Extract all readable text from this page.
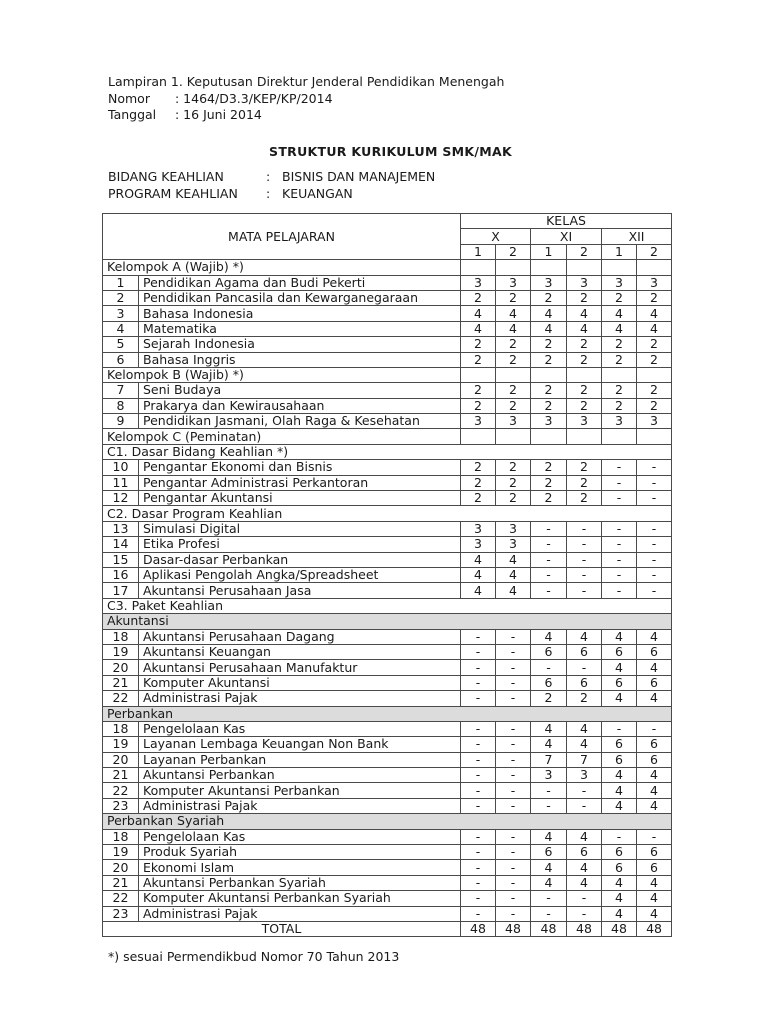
Lampiran 1. Keputusan Direktur Jenderal Pendidikan Menengah
Nomor	: 1464/D3.3/KEP/KP/2014
Tanggal	: 16 Juni 2014
STRUKTUR KURIKULUM SMK/MAK
BIDANG KEAHLIAN	: BISNIS DAN MANAJEMEN
PROGRAM KEAHLIAN	: KEUANGAN
MATA PELAJARAN		KELAS					
		X		XI		XII	
		1	2	1	2	1	2
Kelompok A (Wajib) *)							
1	Pendidikan Agama dan Budi Pekerti	3	3	3	3	3	3
2	Pendidikan Pancasila dan Kewarganegaraan	2	2	2	2	2	2
3	Bahasa Indonesia	4	4	4	4	4	4
4	Matematika	4	4	4	4	4	4
5	Sejarah Indonesia	2	2	2	2	2	2
6	Bahasa Inggris	2	2	2	2	2	2
Kelompok B (Wajib) *)							
7	Seni Budaya	2	2	2	2	2	2
8	Prakarya dan Kewirausahaan	2	2	2	2	2	2
9	Pendidikan Jasmani, Olah Raga & Kesehatan	3	3	3	3	3	3
Kelompok C (Peminatan)							
C1. Dasar Bidang Keahlian *)							
10	Pengantar Ekonomi dan Bisnis	2	2	2	2	-	-
11	Pengantar Administrasi Perkantoran	2	2	2	2	-	-
12	Pengantar Akuntansi	2	2	2	2	-	-
C2. Dasar Program Keahlian							
13	Simulasi Digital	3	3	-	-	-	-
14	Etika Profesi	3	3	-	-	-	-
15	Dasar-dasar Perbankan	4	4	-	-	-	-
16	Aplikasi Pengolah Angka/Spreadsheet	4	4	-	-	-	-
17	Akuntansi Perusahaan Jasa	4	4	-	-	-	-
C3. Paket Keahlian							
Akuntansi							
18	Akuntansi Perusahaan Dagang	-	-	4	4	4	4
19	Akuntansi Keuangan	-	-	6	6	6	6
20	Akuntansi Perusahaan Manufaktur	-	-	-	-	4	4
21	Komputer Akuntansi	-	-	6	6	6	6
22	Administrasi Pajak	-	-	2	2	4	4
Perbankan							
18	Pengelolaan Kas	-	-	4	4	-	-
19	Layanan Lembaga Keuangan Non Bank	-	-	4	4	6	6
20	Layanan Perbankan	-	-	7	7	6	6
21	Akuntansi Perbankan	-	-	3	3	4	4
22	Komputer Akuntansi Perbankan	-	-	-	-	4	4
23	Administrasi Pajak	-	-	-	-	4	4
Perbankan Syariah							
18	Pengelolaan Kas	-	-	4	4	-	-
19	Produk Syariah	-	-	6	6	6	6
20	Ekonomi Islam	-	-	4	4	6	6
21	Akuntansi Perbankan Syariah	-	-	4	4	4	4
22	Komputer Akuntansi Perbankan Syariah	-	-	-	-	4	4
23	Administrasi Pajak	-	-	-	-	4	4
TOTAL		48	48	48	48	48	48
*) sesuai Permendikbud Nomor 70 Tahun 2013
